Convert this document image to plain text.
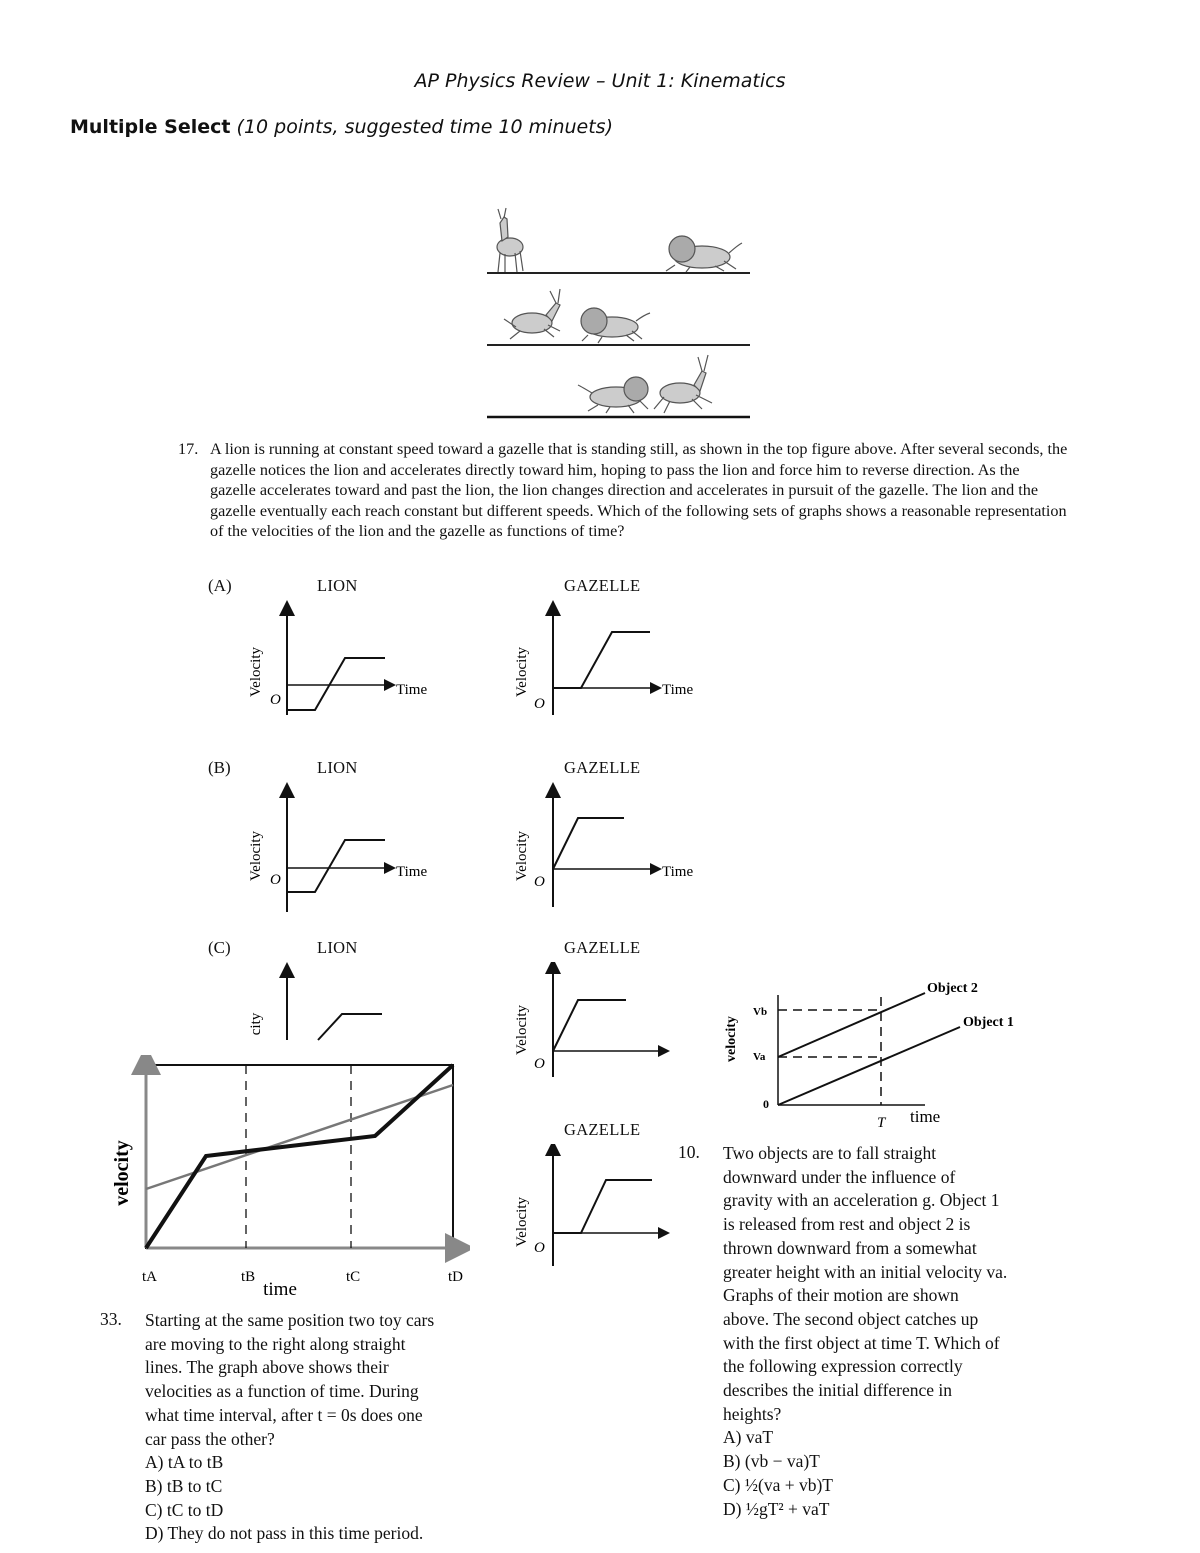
AP Physics Review – Unit 1: Kinematics
Multiple Select (10 points, suggested time 10 minuets)
17. A lion is running at constant speed toward a gazelle that is standing still, as shown in the top figure above. After several seconds, the gazelle notices the lion and accelerates directly toward him, hoping to pass the lion and force him to reverse direction. As the gazelle accelerates toward and past the lion, the lion changes direction and accelerates in pursuit of the gazelle. The lion and the gazelle eventually each reach constant but different speeds. Which of the following sets of graphs shows a reasonable representation of the velocities of the lion and the gazelle as functions of time?
(A)	LION	GAZELLE
(B)	LION	GAZELLE
(C)	LION	GAZELLE
GAZELLE
Velocity
O
Time	Velocity
O
Time
Velocity O	Time	Velocity
O
Time
city	Velocity
O
Velocity
O
velocity
time
tA	tB	tC	tD
33. Starting at the same position two toy cars
are moving to the right along straight
lines. The graph above shows their
velocities as a function of time. During
what time interval, after t = 0s does one
car pass the other?
A) tA to tB
B) tB to tC
C) tC to tD
D) They do not pass in this time period.
velocity
0
Vb
Va
T time
Object 2
Object 1
10. Two objects are to fall straight
downward under the influence of
gravity with an acceleration g. Object 1
is released from rest and object 2 is
thrown downward from a somewhat
greater height with an initial velocity va.
Graphs of their motion are shown
above. The second object catches up
with the first object at time T. Which of
the following expression correctly
describes the initial difference in
heights?
A) vaT
B) (vb − va)T
C) ½(va + vb)T
D) ½gT² + vaT
